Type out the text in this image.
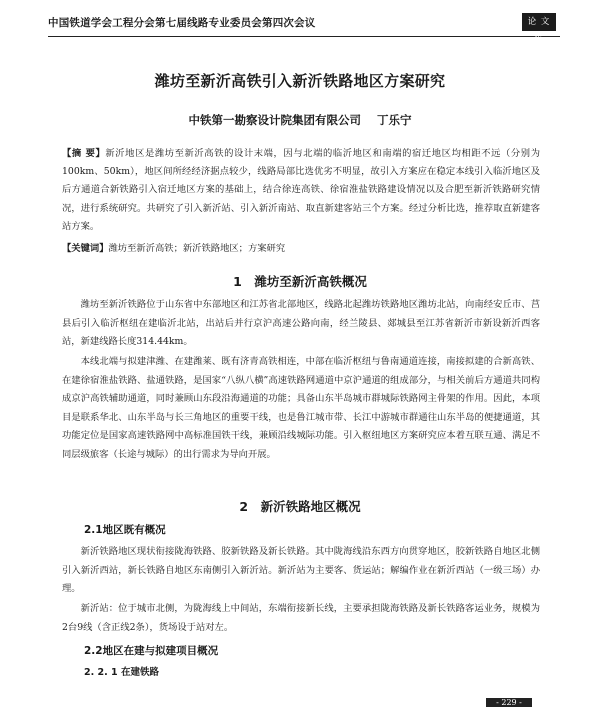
中国铁道学会工程分会第七届线路专业委员会第四次会议	论 文 集
潍坊至新沂高铁引入新沂铁路地区方案研究
中铁第一勘察设计院集团有限公司 丁乐宁
【摘 要】新沂地区是潍坊至新沂高铁的设计末端，因与北端的临沂地区和南端的宿迁地区均相距不远（分别为 100km、50km），地区间所经经济据点较少，线路局部比选优劣不明显，故引入方案应在稳定本线引入临沂地区及后方通道合新铁路引入宿迁地区方案的基础上，结合徐连高铁、徐宿淮盐铁路建设情况以及合肥至新沂铁路研究情况，进行系统研究。共研究了引入新沂站、引入新沂南站、取直新建客站三个方案。经过分析比选，推荐取直新建客站方案。
【关键词】潍坊至新沂高铁；新沂铁路地区；方案研究
1　潍坊至新沂高铁概况
潍坊至新沂铁路位于山东省中东部地区和江苏省北部地区，线路北起潍坊铁路地区潍坊北站，向南经安丘市、莒县后引入临沂枢纽在建临沂北站，出站后并行京沪高速公路向南，经兰陵县、郯城县至江苏省新沂市新设新沂西客站，新建线路长度314.44km。
本线北端与拟建津潍、在建潍莱、既有济青高铁相连，中部在临沂枢纽与鲁南通道连接，南接拟建的合新高铁、在建徐宿淮盐铁路、盐通铁路，是国家“八纵八横”高速铁路网通道中京沪通道的组成部分，与相关前后方通道共同构成京沪高铁辅助通道，同时兼顾山东段沿海通道的功能；具备山东半岛城市群城际铁路网主骨架的作用。因此，本项目是联系华北、山东半岛与长三角地区的重要干线，也是鲁江城市带、长江中游城市群通往山东半岛的便捷通道，其功能定位是国家高速铁路网中高标准国铁干线，兼顾沿线城际功能。引入枢纽地区方案研究应本着互联互通、满足不同层级旅客（长途与城际）的出行需求为导向开展。
2　新沂铁路地区概况
2.1地区既有概况
新沂铁路地区现状衔接陇海铁路、胶新铁路及新长铁路。其中陇海线沿东西方向贯穿地区，胶新铁路自地区北侧引入新沂西站，新长铁路自地区东南侧引入新沂站。新沂站为主要客、货运站；解编作业在新沂西站（一级三场）办理。
新沂站：位于城市北侧，为陇海线上中间站，东端衔接新长线，主要承担陇海铁路及新长铁路客运业务，规模为2台9线（含正线2条），货场设于站对左。
2.2地区在建与拟建项目概况
2. 2. 1 在建铁路
- 229 -
